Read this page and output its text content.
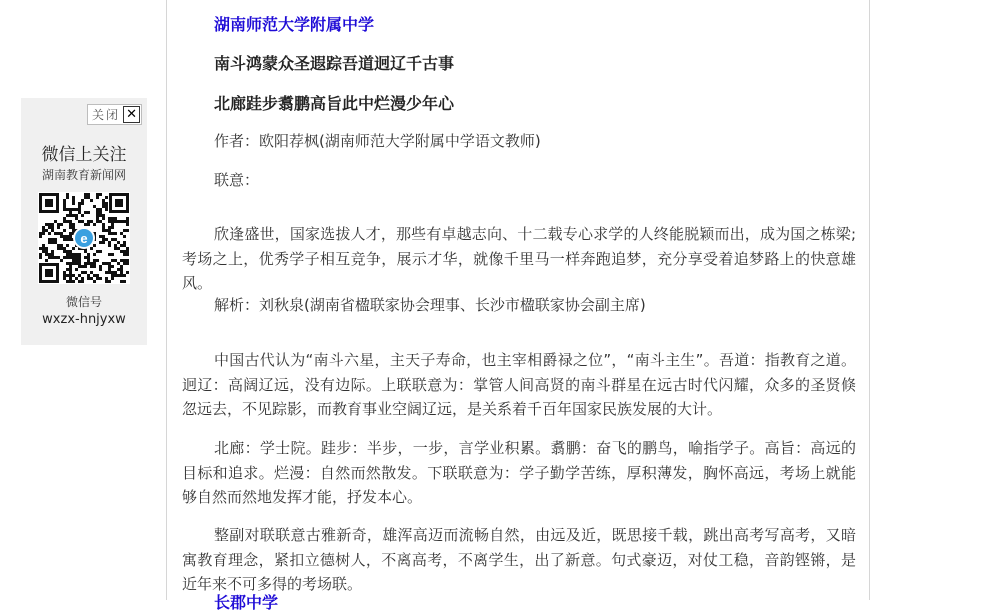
湖南师范大学附属中学
南斗鸿蒙众圣遐踪吾道迥辽千古事
北廊跬步翥鹏高旨此中烂漫少年心
作者：欧阳荐枫(湖南师范大学附属中学语文教师)
联意：

欣逢盛世，国家选拔人才，那些有卓越志向、十二载专心求学的人终能脱颖而出，成为国之栋梁;考场之上，优秀学子相互竞争，展示才华，就像千里马一样奔跑追梦，充分享受着追梦路上的快意雄风。

解析：刘秋泉(湖南省楹联家协会理事、长沙市楹联家协会副主席)

中国古代认为“南斗六星，主天子寿命，也主宰相爵禄之位”，“南斗主生”。吾道：指教育之道。迥辽：高阔辽远，没有边际。上联联意为：掌管人间高贤的南斗群星在远古时代闪耀，众多的圣贤倏忽远去，不见踪影，而教育事业空阔辽远，是关系着千百年国家民族发展的大计。

北廊：学士院。跬步：半步，一步，言学业积累。翥鹏：奋飞的鹏鸟，喻指学子。高旨：高远的目标和追求。烂漫：自然而然散发。下联联意为：学子勤学苦练，厚积薄发，胸怀高远，考场上就能够自然而然地发挥才能，抒发本心。

整副对联联意古雅新奇，雄浑高迈而流畅自然，由远及近，既思接千载，跳出高考写高考，又暗寓教育理念，紧扣立德树人，不离高考，不离学生，出了新意。句式豪迈，对仗工稳，音韵铿锵，是近年来不可多得的考场联。

长郡中学
关闭 ✕
微信上关注
湖南教育新闻网
e
微信号
wxzx-hnjyxw
